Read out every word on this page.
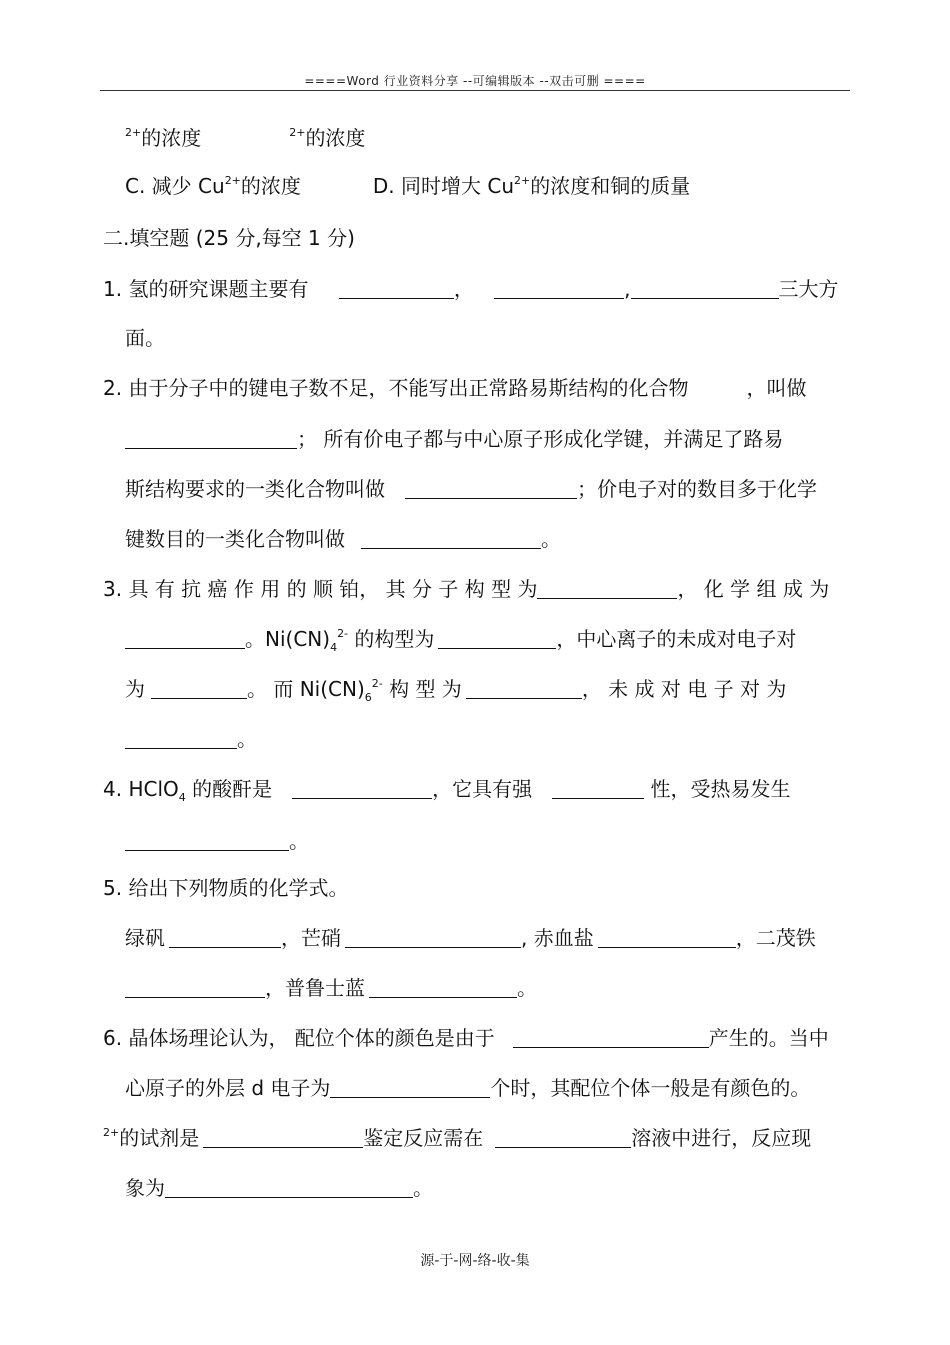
====Word 行业资料分享 --可编辑版本 --双击可删 ====
$^{2+}$的浓度	$^{2+}$的浓度
C. 减少 $Cu^{2+}$的浓度	D. 同时增大 $Cu^{2+}$的浓度和铜的质量
二.填空题 (25 分,每空 1 分)
1. 氢的研究课题主要有	，	,	三大方
面。
2. 由于分子中的键电子数不足，不能写出正常路易斯结构的化合物	，叫做
； 所有价电子都与中心原子形成化学键，并满足了路易
斯结构要求的一类化合物叫做	；价电子对的数目多于化学
键数目的一类化合物叫做	。
3. 具 有 抗 癌 作 用 的 顺 铂， 其 分 子 构 型 为	， 化 学 组 成 为
。$Ni(CN)_4^{2-}$ 的构型为	，中心离子的未成对电子对
为	。 而 $Ni(CN)_6^{2-}$ 构 型 为	， 未 成 对 电 子 对 为
。
4. HClO$_4$ 的酸酐是	，它具有强	性，受热易发生
。
5. 给出下列物质的化学式。
绿矾	，芒硝	, 赤血盐	，二茂铁
，普鲁士蓝	。
6. 晶体场理论认为， 配位个体的颜色是由于	产生的。当中
心原子的外层 d 电子为	个时，其配位个体一般是有颜色的。
$^{2+}$的试剂是	鉴定反应需在	溶液中进行，反应现
象为	。
源-于-网-络-收-集
